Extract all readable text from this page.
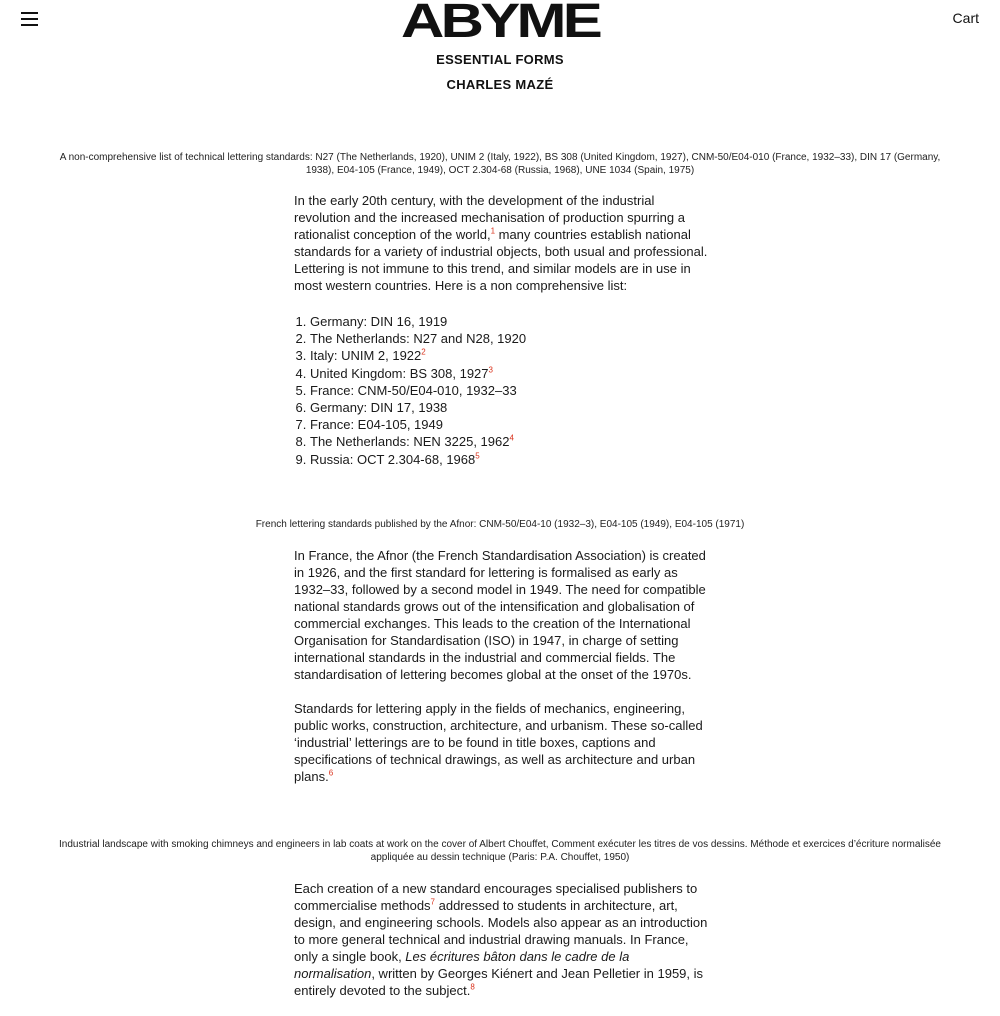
ABYME
ESSENTIAL FORMS
CHARLES MAZÉ
Cart
A non-comprehensive list of technical lettering standards: N27 (The Netherlands, 1920), UNIM 2 (Italy, 1922), BS 308 (United Kingdom, 1927), CNM-50/E04-010 (France, 1932–33), DIN 17 (Germany, 1938), E04-105 (France, 1949), OCT 2.304-68 (Russia, 1968), UNE 1034 (Spain, 1975)

In the early 20th century, with the development of the industrial revolution and the increased mechanisation of production spurring a rationalist conception of the world,$^1$ many countries establish national standards for a variety of industrial objects, both usual and professional. Lettering is not immune to this trend, and similar models are in use in most western countries. Here is a non comprehensive list:

1. Germany: DIN 16, 1919
2. The Netherlands: N27 and N28, 1920
3. Italy: UNIM 2, 1922$^2$
4. United Kingdom: BS 308, 1927$^3$
5. France: CNM-50/E04-010, 1932–33
6. Germany: DIN 17, 1938
7. France: E04-105, 1949
8. The Netherlands: NEN 3225, 1962$^4$
9. Russia: OCT 2.304-68, 1968$^5$
French lettering standards published by the Afnor: CNM-50/E04-10 (1932–3), E04-105 (1949), E04-105 (1971)

In France, the Afnor (the French Standardisation Association) is created in 1926, and the first standard for lettering is formalised as early as 1932–33, followed by a second model in 1949. The need for compatible national standards grows out of the intensification and globalisation of commercial exchanges. This leads to the creation of the International Organisation for Standardisation (ISO) in 1947, in charge of setting international standards in the industrial and commercial fields. The standardisation of lettering becomes global at the onset of the 1970s.

Standards for lettering apply in the fields of mechanics, engineering, public works, construction, architecture, and urbanism. These so-called ‘industrial’ letterings are to be found in title boxes, captions and specifications of technical drawings, as well as architecture and urban plans.$^6$

Industrial landscape with smoking chimneys and engineers in lab coats at work on the cover of Albert Chouffet, Comment exécuter les titres de vos dessins. Méthode et exercices d’écriture normalisée appliquée au dessin technique (Paris: P.A. Chouffet, 1950)

Each creation of a new standard encourages specialised publishers to commercialise methods$^7$ addressed to students in architecture, art, design, and engineering schools. Models also appear as an introduction to more general technical and industrial drawing manuals. In France, only a single book, Les écritures bâton dans le cadre de la normalisation, written by Georges Kiénert and Jean Pelletier in 1959, is entirely devoted to the subject.$^8$
